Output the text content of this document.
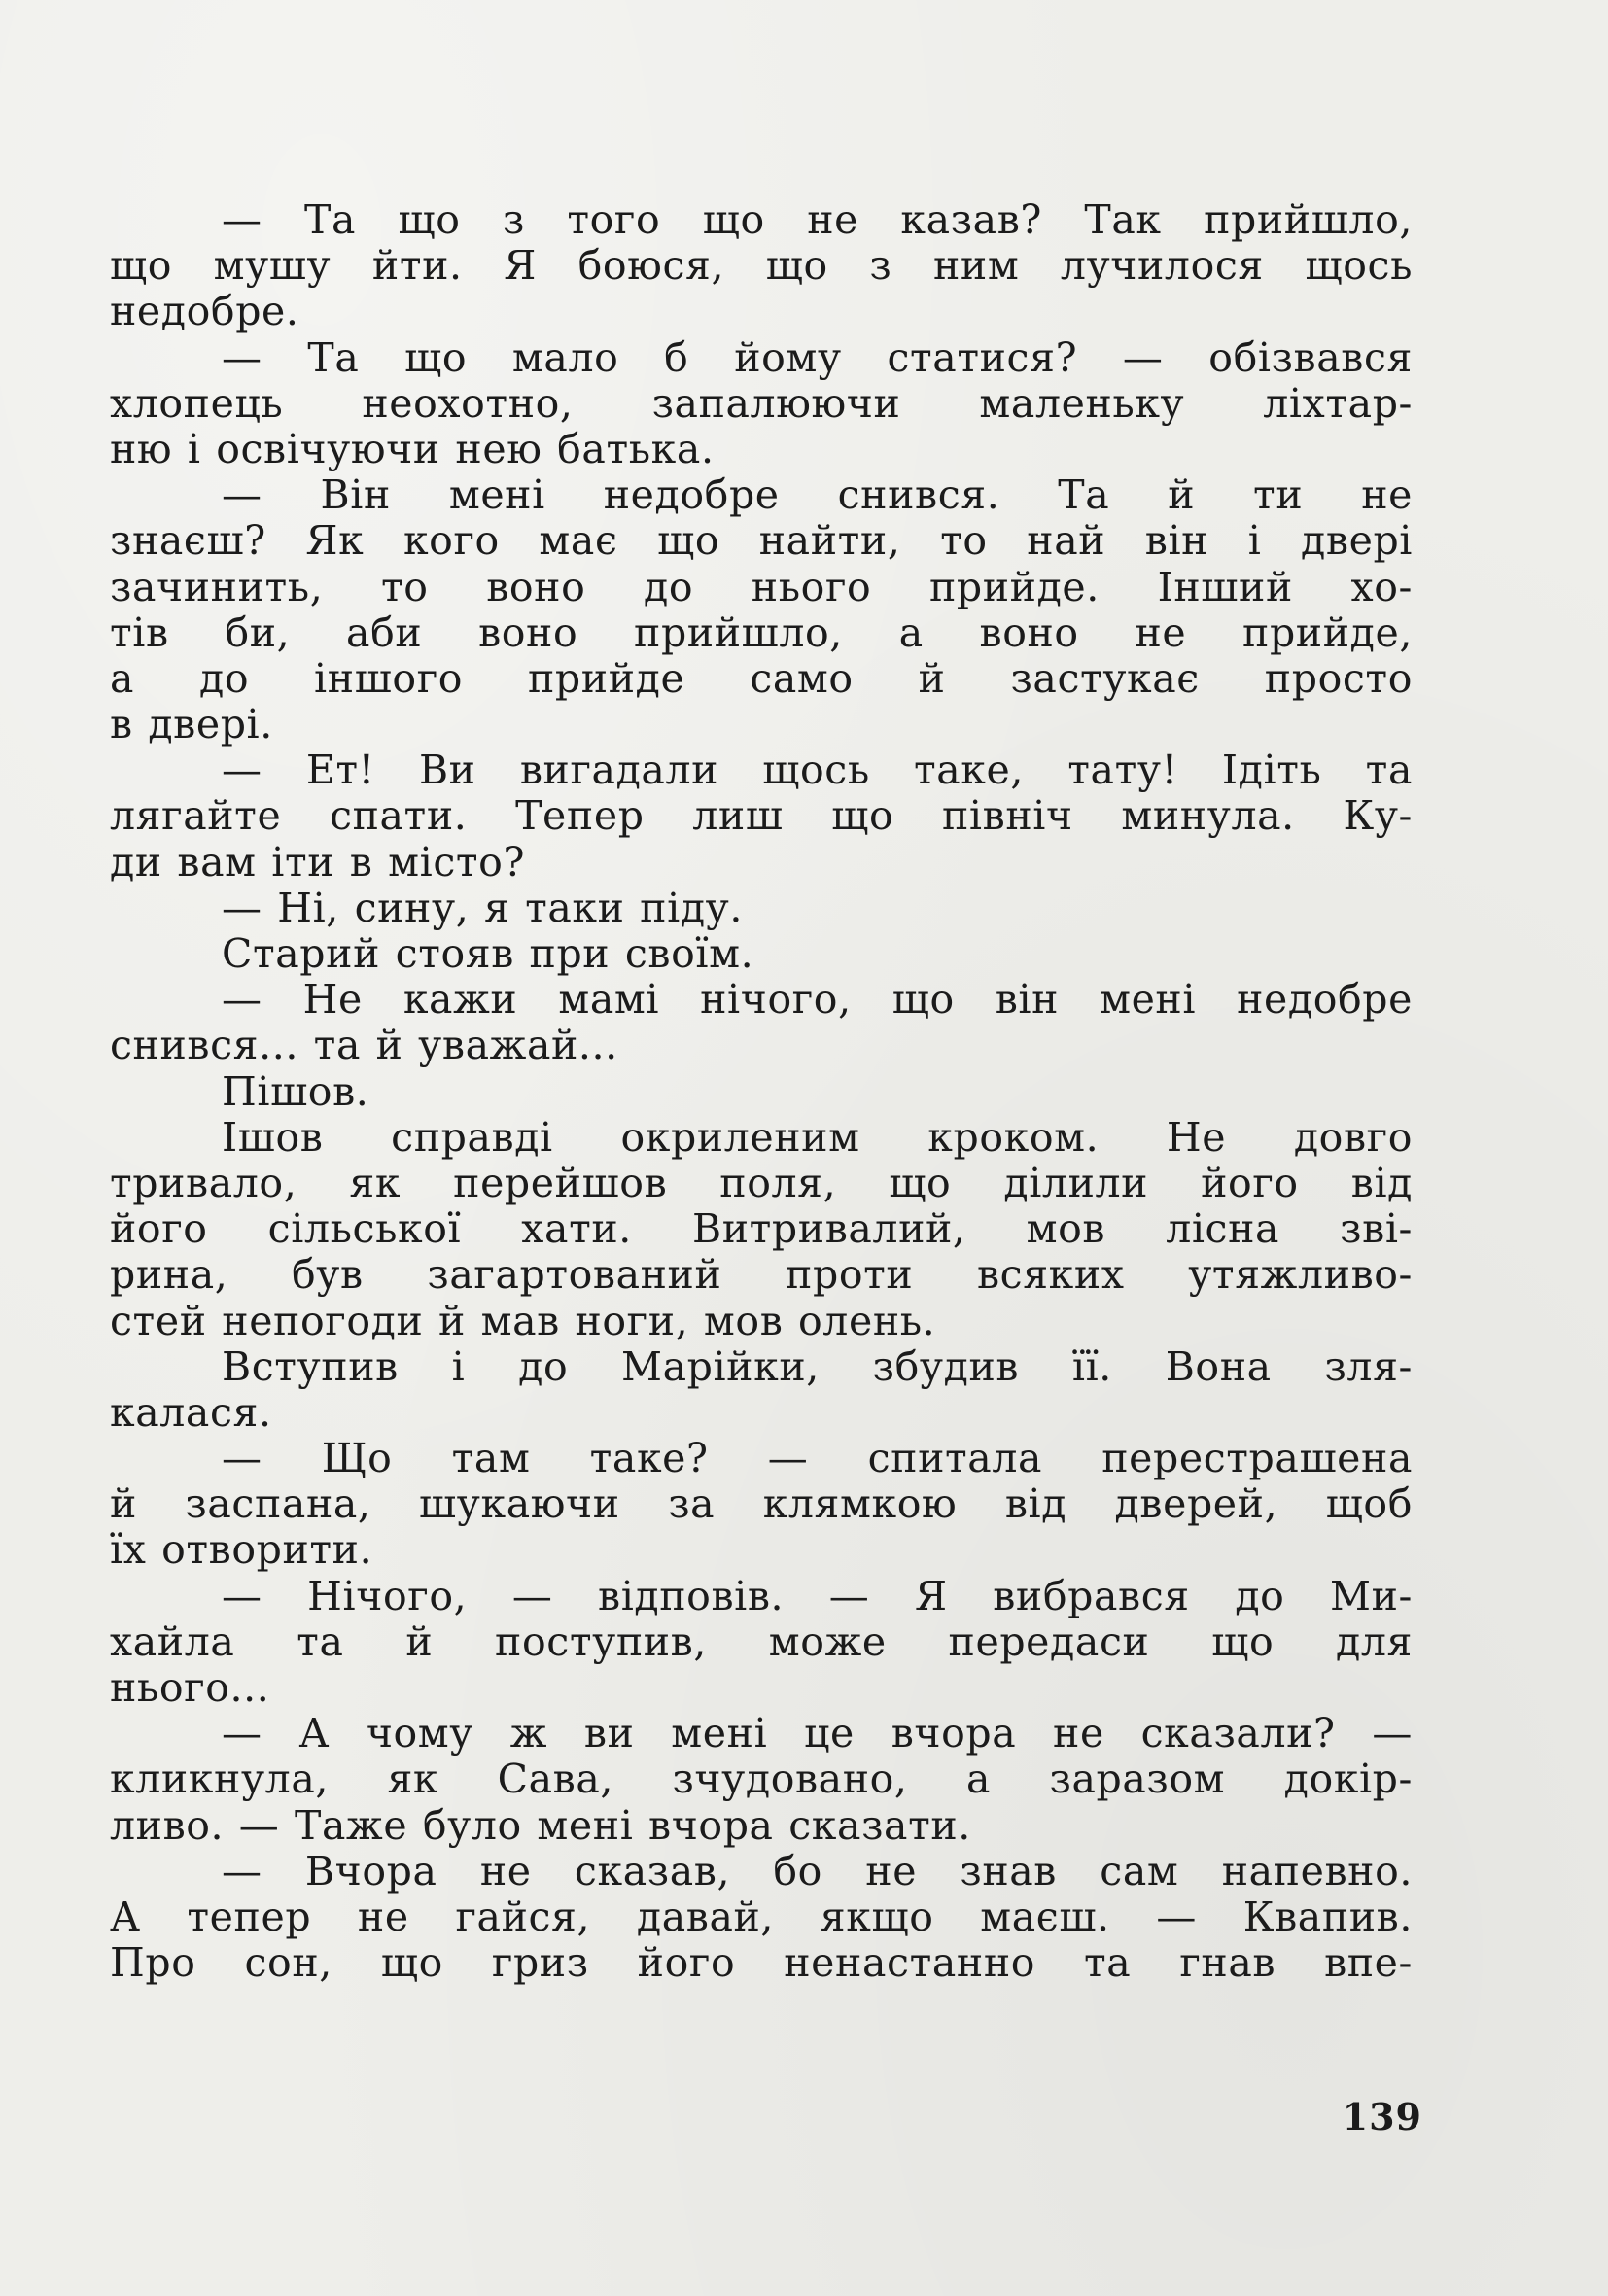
— Та що з того що не казав? Так прийшло,
що мушу йти. Я боюся, що з ним лучилося щось
недобре.
— Та що мало б йому статися? — обізвався
хлопець неохотно, запалюючи маленьку ліхтар-
ню і освічуючи нею батька.
— Він мені недобре снився. Та й ти не
знаєш? Як кого має що найти, то най він і двері
зачинить, то воно до нього прийде. Інший хо-
тів би, аби воно прийшло, а воно не прийде,
а до іншого прийде само й застукає просто
в двері.
— Ет! Ви вигадали щось таке, тату! Ідіть та
лягайте спати. Тепер лиш що північ минула. Ку-
ди вам іти в місто?
— Ні, сину, я таки піду.
Старий стояв при своїм.
— Не кажи мамі нічого, що він мені недобре
снився... та й уважай...
Пішов.
Ішов справді окриленим кроком. Не довго
тривало, як перейшов поля, що ділили його від
його сільської хати. Витривалий, мов лісна зві-
рина, був загартований проти всяких утяжливо-
стей непогоди й мав ноги, мов олень.
Вступив і до Марійки, збудив її. Вона зля-
калася.
— Що там таке? — спитала перестрашена
й заспана, шукаючи за клямкою від дверей, щоб
їх отворити.
— Нічого, — відповів. — Я вибрався до Ми-
хайла та й поступив, може передаси що для
нього...
— А чому ж ви мені це вчора не сказали? —
кликнула, як Сава, зчудовано, а заразом докір-
ливо. — Таже було мені вчора сказати.
— Вчора не сказав, бо не знав сам напевно.
А тепер не гайся, давай, якщо маєш. — Квапив.
Про сон, що гриз його ненастанно та гнав впе-
139
